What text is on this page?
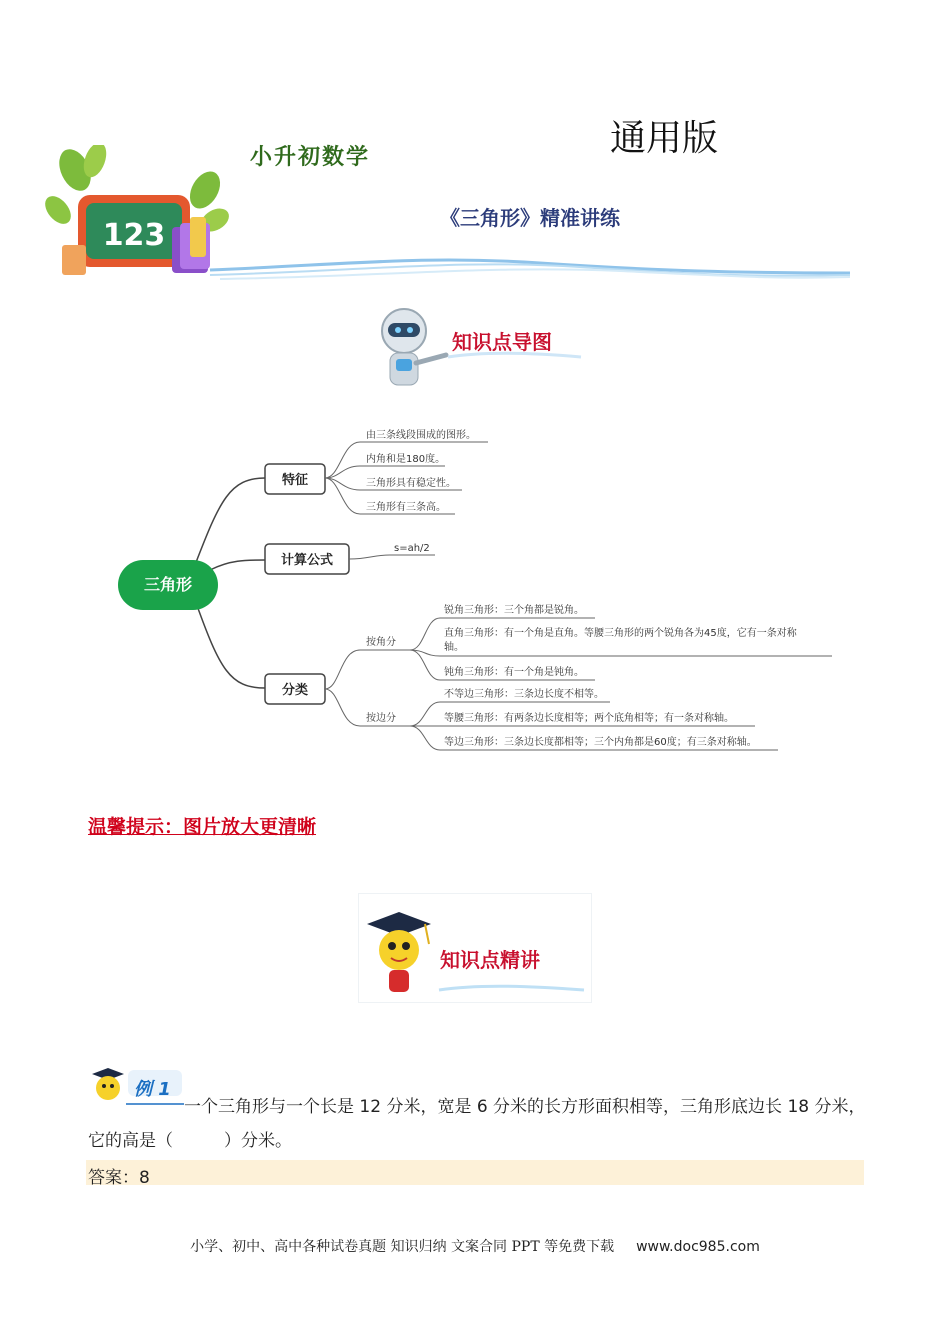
123
通用版
小升初数学
《三角形》精准讲练
知识点导图
三角形
特征
由三条线段围成的图形。
内角和是180度。
三角形具有稳定性。
三角形有三条高。
计算公式
s=ah/2
分类
按角分
按边分
锐角三角形：三个角都是锐角。
直角三角形：有一个角是直角。等腰三角形的两个锐角各为45度，它有一条对称
轴。
钝角三角形：有一个角是钝角。
不等边三角形：三条边长度不相等。
等腰三角形：有两条边长度相等；两个底角相等；有一条对称轴。
等边三角形：三条边长度都相等；三个内角都是60度；有三条对称轴。
温馨提示：图片放大更清晰
知识点精讲
例 1
一个三角形与一个长是 12 分米，宽是 6 分米的长方形面积相等，三角形底边长 18 分米，它的高是（　　　）分米。
答案：8
小学、初中、高中各种试卷真题 知识归纳 文案合同 PPT 等免费下载 www.doc985.com
